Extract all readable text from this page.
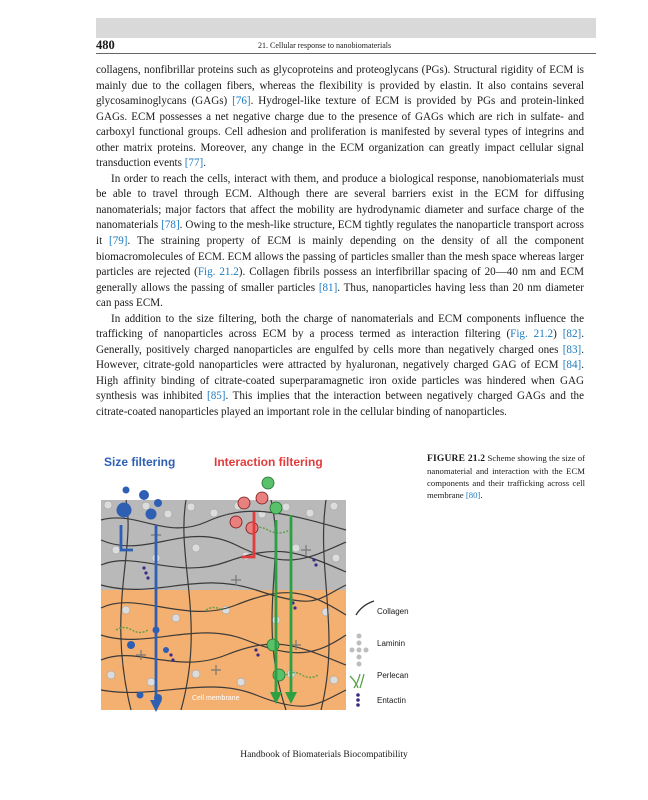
480	21. Cellular response to nanobiomaterials

collagens, nonfibrillar proteins such as glycoproteins and proteoglycans (PGs). Structural rigidity of ECM is mainly due to the collagen fibers, whereas the flexibility is provided by elastin. It also contains several glycosaminoglycans (GAGs) [76]. Hydrogel-like texture of ECM is provided by PGs and protein-linked GAGs. ECM possesses a net negative charge due to the presence of GAGs which are rich in sulfate- and carboxyl functional groups. Cell adhesion and proliferation is manifested by several types of integrins and other matrix proteins. Moreover, any change in the ECM organization can greatly impact cellular signal transduction events [77].

In order to reach the cells, interact with them, and produce a biological response, nanobiomaterials must be able to travel through ECM. Although there are several barriers exist in the ECM for diffusing nanomaterials; major factors that affect the mobility are hydrodynamic diameter and surface charge of the nanomaterials [78]. Owing to the mesh-like structure, ECM tightly regulates the nanoparticle transport across it [79]. The straining property of ECM is mainly depending on the density of all the component biomacromolecules of ECM. ECM allows the passing of particles smaller than the mesh space whereas larger particles are rejected (Fig. 21.2). Collagen fibrils possess an interfibrillar spacing of 20—40 nm and ECM generally allows the passing of smaller particles [81]. Thus, nanoparticles having less than 20 nm diameter can pass ECM.

In addition to the size filtering, both the charge of nanomaterials and ECM components influence the trafficking of nanoparticles across ECM by a process termed as interaction filtering (Fig. 21.2) [82]. Generally, positively charged nanoparticles are engulfed by cells more than negatively charged ones [83]. However, citrate-gold nanoparticles were attracted by hyaluronan, negatively charged GAG of ECM [84]. High affinity binding of citrate-coated superparamagnetic iron oxide particles was hindered when GAG synthesis was inhibited [85]. This implies that the interaction between negatively charged GAGs and the citrate-coated nanoparticles played an important role in the cellular binding of nanoparticles.

Size filtering	Interaction filtering
Cell membrane
Collagen
Laminin
Perlecan
Entactin
FIGURE 21.2 Scheme showing the size of nanomaterial and interaction with the ECM components and their trafficking across cell membrane [80].
Handbook of Biomaterials Biocompatibility
